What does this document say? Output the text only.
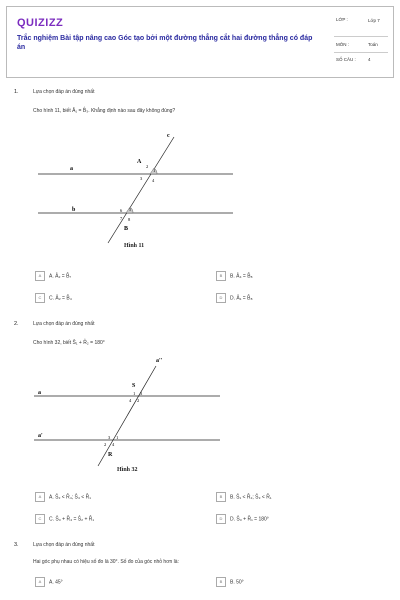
QUIZIZZ
Trắc nghiệm Bài tập nâng cao Góc tạo bởi một đường thẳng cắt hai đường thẳng có đáp án
LỚP :	Lớp 7
MÔN :	Toán
SỐ CÂU :	4
1.	Lựa chọn đáp án đúng nhất
Cho hình 11, biết Â₁ = B̂₃. Khẳng định nào sau đây không đúng?
a
b
c
A
B
1
2
3 4
5
6
7 8
Hình 11
A A. Â₂ = B̂₇	B B. Â₄ = B̂₈
C C. Â₂ = B̂₄	D D. Â₁ = B̂₈
2.	Lựa chọn đáp án đúng nhất
Cho hình 32, biết Ŝ₁ + R̂₂ = 180°
a
a'
a''
S
R
1 3
4 2
3 1
2 4
Hình 32
A A. Ŝ₂ < R̂₄; Ŝ₄ < R̂₁	B B. Ŝ₁ < R̂₂; Ŝ₃ < R̂₁
C C. Ŝ₃ + R̂₄ = Ŝ₂ + R̂₁	D D. Ŝ₃ + R̂₁ = 180°
3.	Lựa chọn đáp án đúng nhất
Hai góc phụ nhau có hiệu số đo là 30°. Số đo của góc nhỏ hơn là:
A A. 45°	B B. 50°
